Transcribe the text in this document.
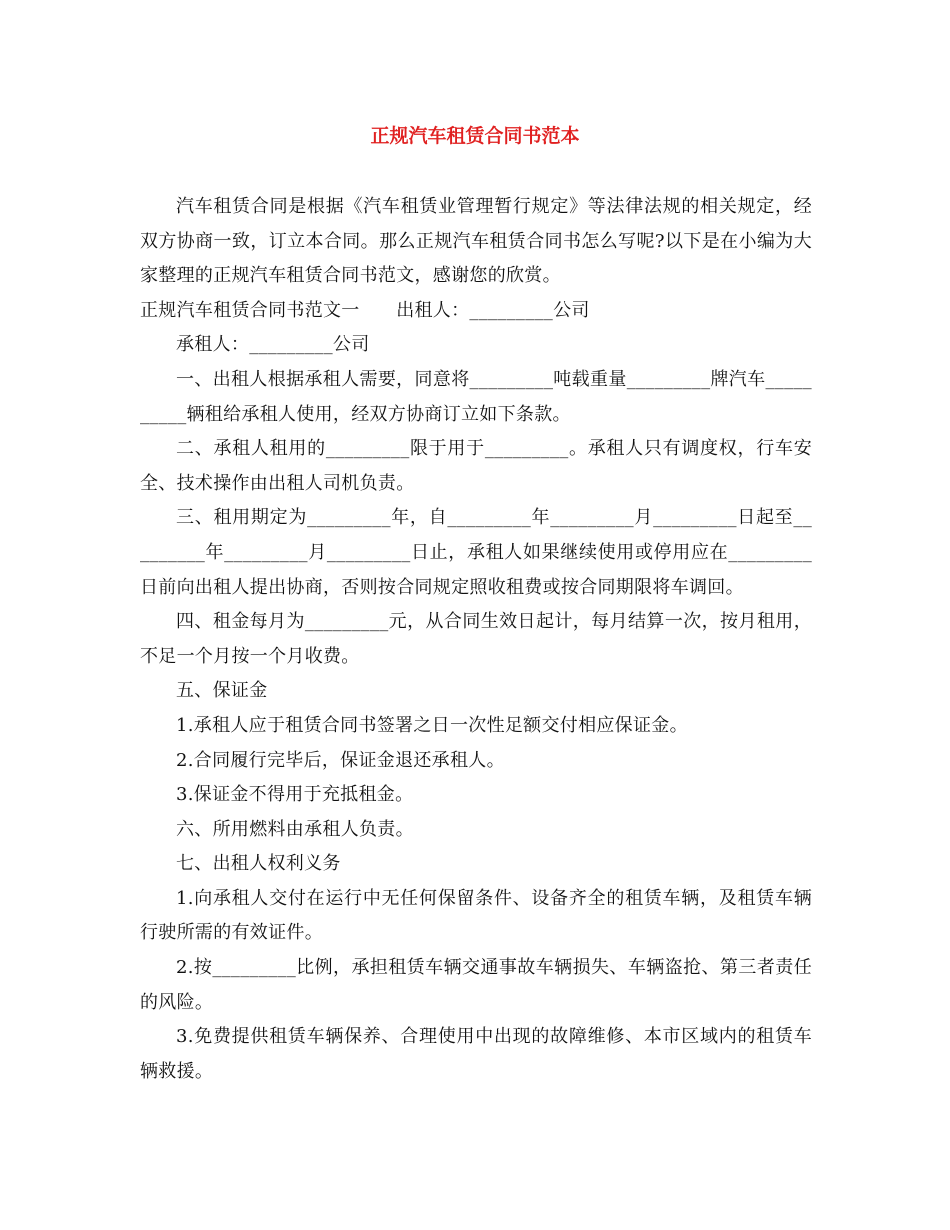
正规汽车租赁合同书范本

汽车租赁合同是根据《汽车租赁业管理暂行规定》等法律法规的相关规定，经双方协商一致，订立本合同。那么正规汽车租赁合同书怎么写呢?以下是在小编为大家整理的正规汽车租赁合同书范文，感谢您的欣赏。

正规汽车租赁合同书范文一　　出租人：_________公司

承租人：_________公司

一、出租人根据承租人需要，同意将_________吨载重量_________牌汽车__________辆租给承租人使用，经双方协商订立如下条款。

二、承租人租用的_________限于用于_________。承租人只有调度权，行车安全、技术操作由出租人司机负责。

三、租用期定为_________年，自_________年_________月_________日起至_________年_________月_________日止，承租人如果继续使用或停用应在_________日前向出租人提出协商，否则按合同规定照收租费或按合同期限将车调回。

四、租金每月为_________元，从合同生效日起计，每月结算一次，按月租用，不足一个月按一个月收费。

五、保证金

1.承租人应于租赁合同书签署之日一次性足额交付相应保证金。

2.合同履行完毕后，保证金退还承租人。

3.保证金不得用于充抵租金。

六、所用燃料由承租人负责。

七、出租人权利义务

1.向承租人交付在运行中无任何保留条件、设备齐全的租赁车辆，及租赁车辆行驶所需的有效证件。

2.按_________比例，承担租赁车辆交通事故车辆损失、车辆盗抢、第三者责任的风险。

3.免费提供租赁车辆保养、合理使用中出现的故障维修、本市区域内的租赁车辆救援。
